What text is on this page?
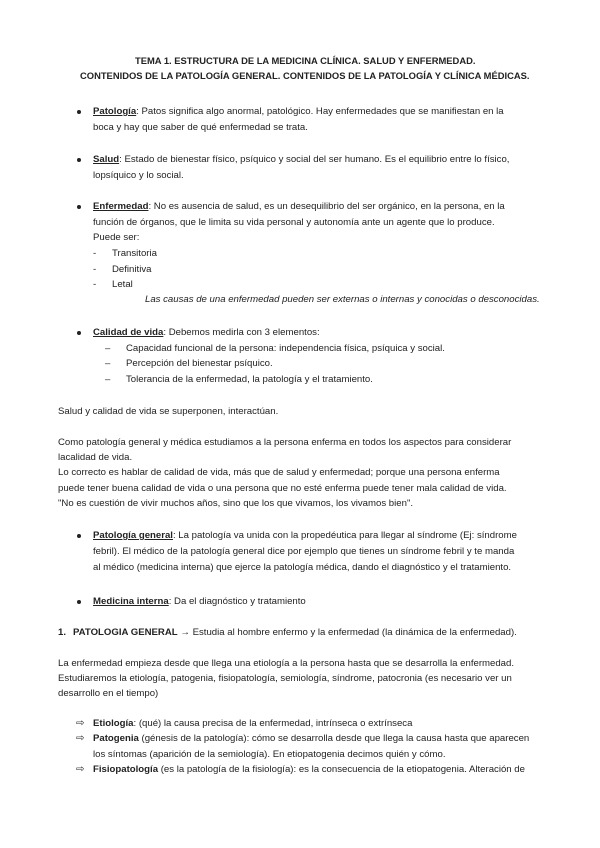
TEMA 1. ESTRUCTURA DE LA MEDICINA CLÍNICA. SALUD Y ENFERMEDAD.
CONTENIDOS DE LA PATOLOGÍA GENERAL. CONTENIDOS DE LA PATOLOGÍA Y CLÍNICA MÉDICAS.
Patología: Patos significa algo anormal, patológico. Hay enfermedades que se manifiestan en la
boca y hay que saber de qué enfermedad se trata.
Salud: Estado de bienestar físico, psíquico y social del ser humano. Es el equilibrio entre lo físico,
lopsíquico y lo social.
Enfermedad: No es ausencia de salud, es un desequilibrio del ser orgánico, en la persona, en la
función de órganos, que le limita su vida personal y autonomía ante un agente que lo produce.
Puede ser:
- Transitoria
- Definitiva
- Letal
Las causas de una enfermedad pueden ser externas o internas y conocidas o desconocidas.
Calidad de vida: Debemos medirla con 3 elementos:
– Capacidad funcional de la persona: independencia física, psíquica y social.
– Percepción del bienestar psíquico.
– Tolerancia de la enfermedad, la patología y el tratamiento.
Salud y calidad de vida se superponen, interactúan.
Como patología general y médica estudiamos a la persona enferma en todos los aspectos para considerar
lacalidad de vida.
Lo correcto es hablar de calidad de vida, más que de salud y enfermedad; porque una persona enferma
puede tener buena calidad de vida o una persona que no esté enferma puede tener mala calidad de vida.
"No es cuestión de vivir muchos años, sino que los que vivamos, los vivamos bien".
Patología general: La patología va unida con la propedéutica para llegar al síndrome (Ej: síndrome
febril). El médico de la patología general dice por ejemplo que tienes un síndrome febril y te manda
al médico (medicina interna) que ejerce la patología médica, dando el diagnóstico y el tratamiento.
Medicina interna: Da el diagnóstico y tratamiento
1. PATOLOGIA GENERAL → Estudia al hombre enfermo y la enfermedad (la dinámica de la enfermedad).
La enfermedad empieza desde que llega una etiología a la persona hasta que se desarrolla la enfermedad.
Estudiaremos la etiología, patogenia, fisiopatología, semiología, síndrome, patocronia (es necesario ver un
desarrollo en el tiempo)
⇨ Etiología: (qué) la causa precisa de la enfermedad, intrínseca o extrínseca
⇨ Patogenia (génesis de la patología): cómo se desarrolla desde que llega la causa hasta que aparecen
los síntomas (aparición de la semiología). En etiopatogenia decimos quién y cómo.
⇨ Fisiopatología (es la patología de la fisiología): es la consecuencia de la etiopatogenia. Alteración de
